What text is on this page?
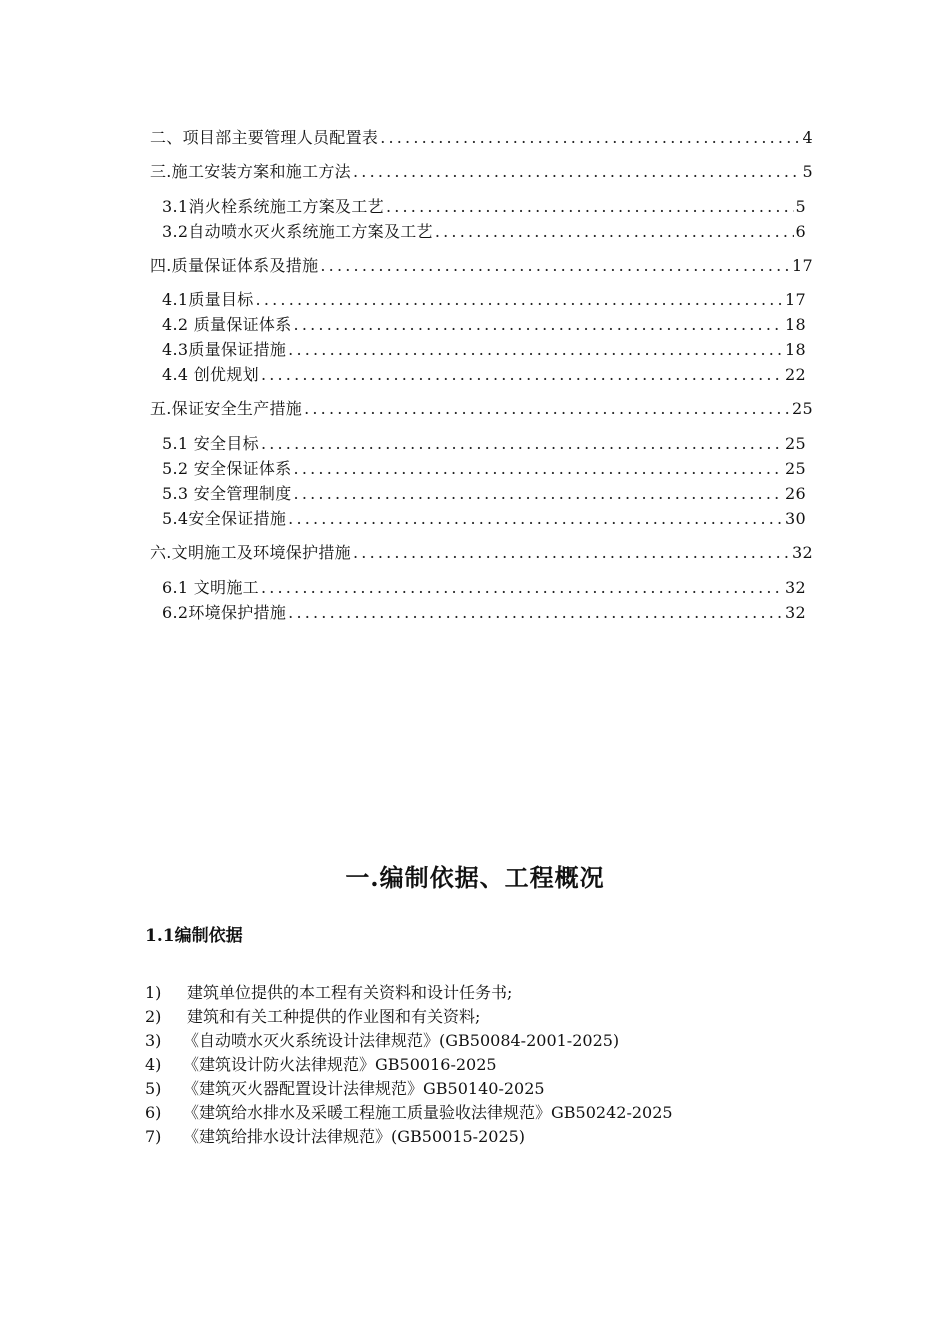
二、项目部主要管理人员配置表 .....	4
三.施工安装方案和施工方法 .....	5
3.1消火栓系统施工方案及工艺 .....	5
3.2自动喷水灭火系统施工方案及工艺 .....	6
四.质量保证体系及措施 .....	17
4.1质量目标 .....	17
4.2 质量保证体系 .....	18
4.3质量保证措施 .....	18
4.4 创优规划 .....	22
五.保证安全生产措施 .....	25
5.1 安全目标 .....	25
5.2 安全保证体系 .....	25
5.3 安全管理制度 .....	26
5.4安全保证措施 .....	30
六.文明施工及环境保护措施 .....	32
6.1 文明施工 .....	32
6.2环境保护措施 .....	32
一.编制依据、工程概况
1.1编制依据
1) 建筑单位提供的本工程有关资料和设计任务书;
2) 建筑和有关工种提供的作业图和有关资料;
3) 《自动喷水灭火系统设计法律规范》(GB50084-2001-2025)
4) 《建筑设计防火法律规范》GB50016-2025
5) 《建筑灭火器配置设计法律规范》GB50140-2025
6) 《建筑给水排水及采暖工程施工质量验收法律规范》GB50242-2025
7) 《建筑给排水设计法律规范》(GB50015-2025)
